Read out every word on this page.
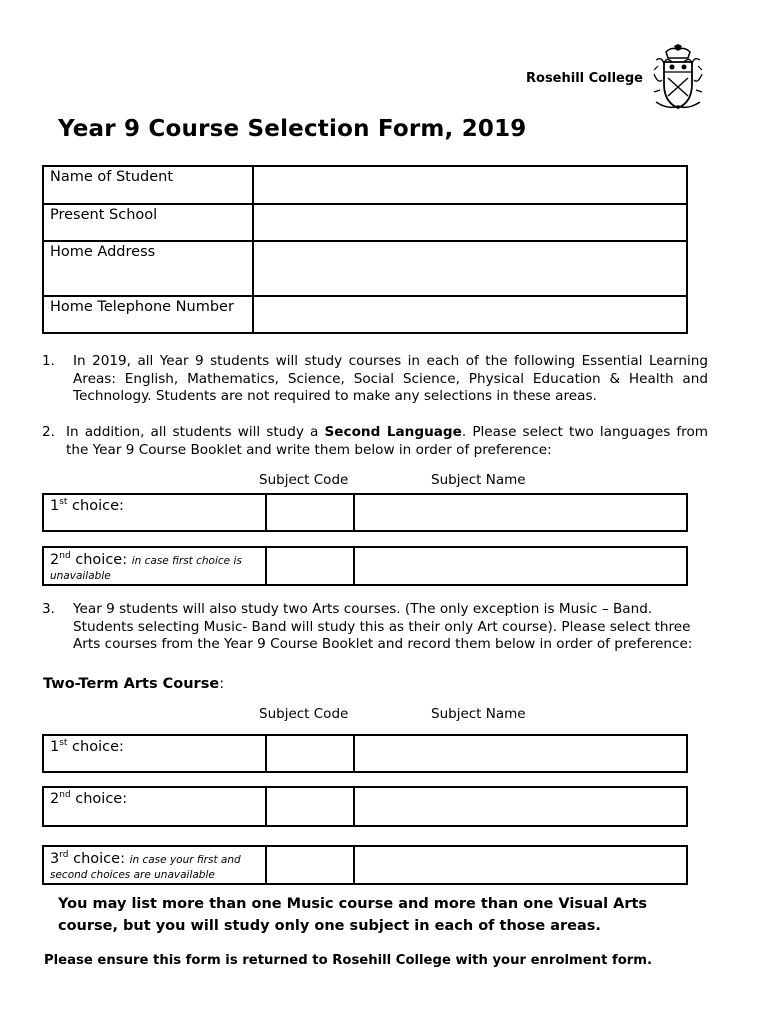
Rosehill College
Year 9 Course Selection Form, 2019
Name of Student	
Present School	
Home Address	
Home Telephone Number	
1. In 2019, all Year 9 students will study courses in each of the following Essential Learning Areas: English, Mathematics, Science, Social Science, Physical Education & Health and Technology. Students are not required to make any selections in these areas.
2. In addition, all students will study a Second Language. Please select two languages from the Year 9 Course Booklet and write them below in order of preference:
Subject Code	Subject Name
1st choice:		
2nd choice: in case first choice is unavailable		
3. Year 9 students will also study two Arts courses. (The only exception is Music – Band. Students selecting Music- Band will study this as their only Art course). Please select three Arts courses from the Year 9 Course Booklet and record them below in order of preference:
Two-Term Arts Course:
Subject Code	Subject Name
1st choice:		
2nd choice:		
3rd choice: in case your first and second choices are unavailable		
You may list more than one Music course and more than one Visual Arts course, but you will study only one subject in each of those areas.
Please ensure this form is returned to Rosehill College with your enrolment form.
